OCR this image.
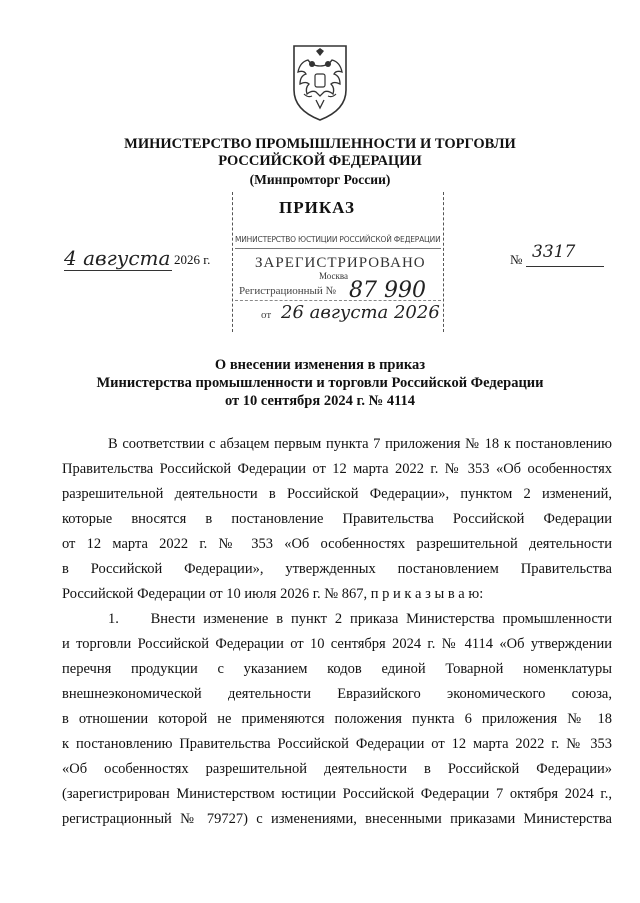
МИНИСТЕРСТВО ПРОМЫШЛЕННОСТИ И ТОРГОВЛИ
РОССИЙСКОЙ ФЕДЕРАЦИИ
(Минпромторг России)
ПРИКАЗ
МИНИСТЕРСТВО ЮСТИЦИИ РОССИЙСКОЙ ФЕДЕРАЦИИ
ЗАРЕГИСТРИРОВАНО
Москва
Регистрационный № 87 990
от 26 августа 2026
4 августа 2026 г.	№ 3317
О внесении изменения в приказ
Министерства промышленности и торговли Российской Федерации
от 10 сентября 2024 г. № 4114
В соответствии с абзацем первым пункта 7 приложения № 18 к постановлению
Правительства Российской Федерации от 12 марта 2022 г. № 353 «Об особенностях
разрешительной деятельности в Российской Федерации», пунктом 2 изменений,
которые вносятся в постановление Правительства Российской Федерации
от 12 марта 2022 г. № 353 «Об особенностях разрешительной деятельности
в Российской Федерации», утвержденных постановлением Правительства
Российской Федерации от 10 июля 2026 г. № 867, п р и к а з ы в а ю:
1.    Внести изменение в пункт 2 приказа Министерства промышленности
и торговли Российской Федерации от 10 сентября 2024 г. № 4114 «Об утверждении
перечня продукции с указанием кодов единой Товарной номенклатуры
внешнеэкономической деятельности Евразийского экономического союза,
в отношении которой не применяются положения пункта 6 приложения № 18
к постановлению Правительства Российской Федерации от 12 марта 2022 г. № 353
«Об особенностях разрешительной деятельности в Российской Федерации»
(зарегистрирован Министерством юстиции Российской Федерации 7 октября 2024 г.,
регистрационный № 79727) с изменениями, внесенными приказами Министерства
